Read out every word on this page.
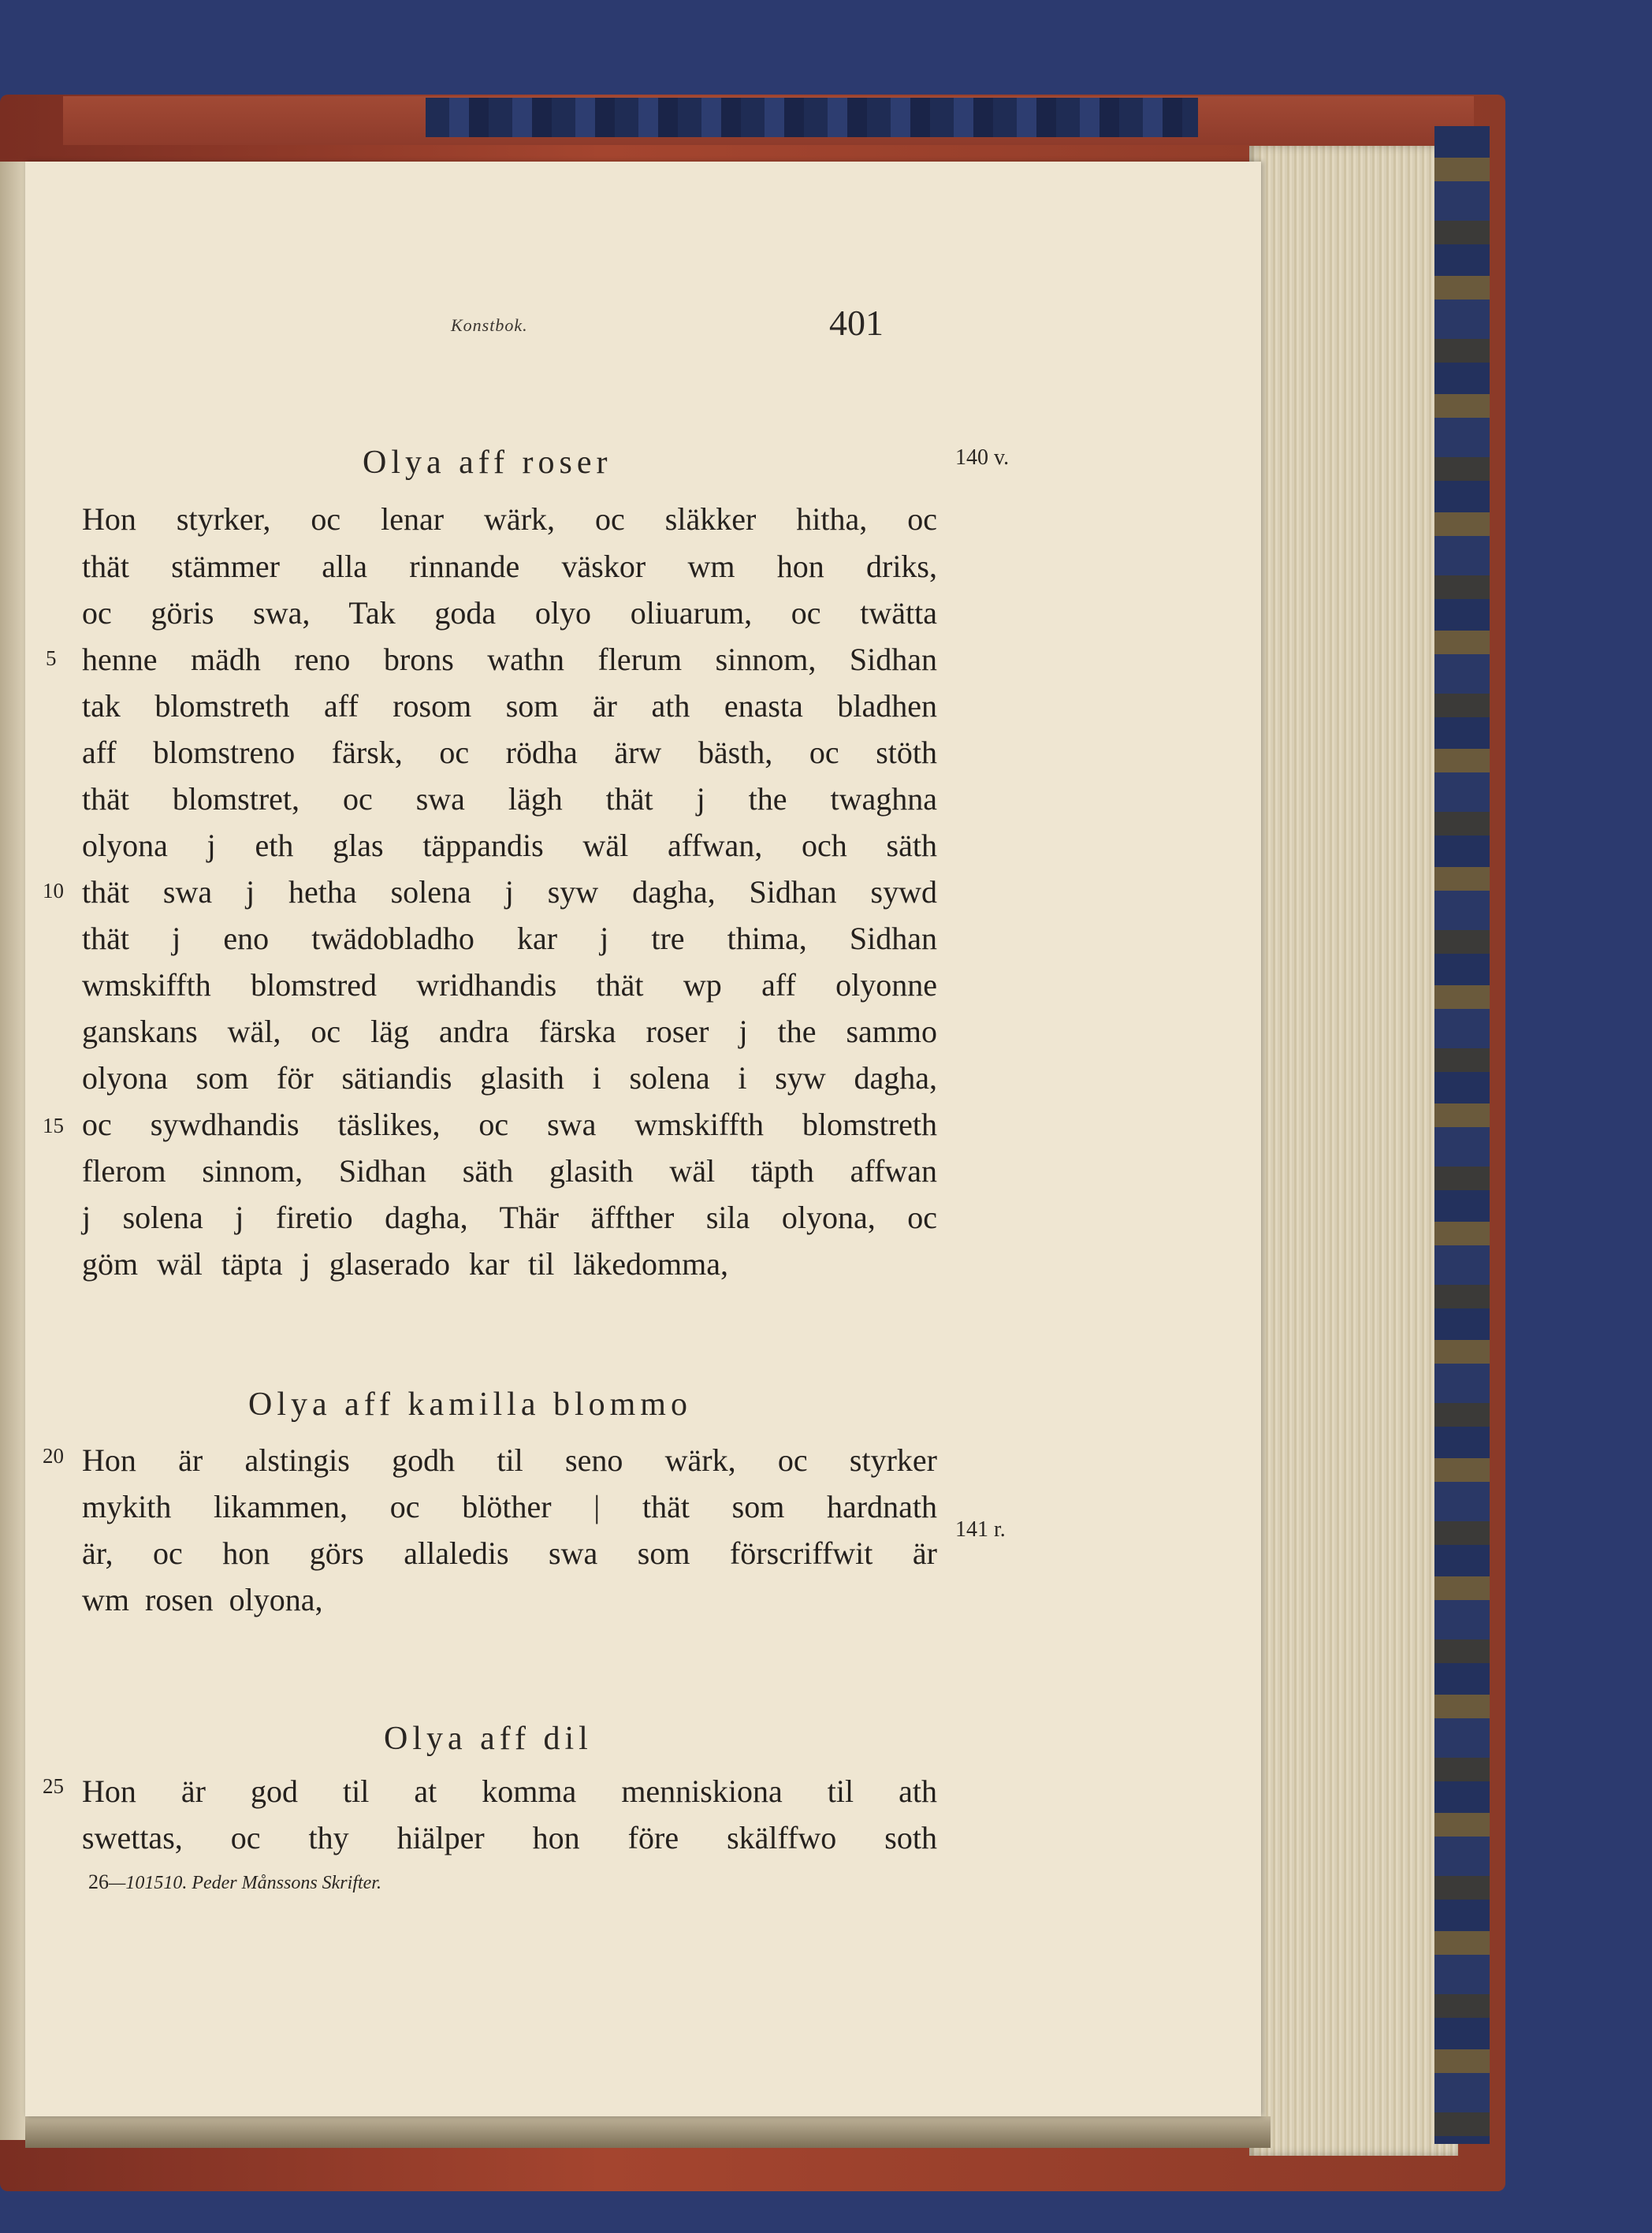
Konstbok.	401
140 v.
141 r.
5
10
15
20
25
Olya aff roser
Hon styrker, oc lenar wärk, oc släkker hitha, oc
thät stämmer alla rinnande väskor wm hon driks,
oc göris swa, Tak goda olyo oliuarum, oc twätta
henne mädh reno brons wathn flerum sinnom, Sidhan
tak blomstreth aff rosom som är ath enasta bladhen
aff blomstreno färsk, oc rödha ärw bästh, oc stöth
thät blomstret, oc swa lägh thät j the twaghna
olyona j eth glas täppandis wäl affwan, och säth
thät swa j hetha solena j syw dagha, Sidhan sywd
thät j eno twädobladho kar j tre thima, Sidhan
wmskiffth blomstred wridhandis thät wp aff olyonne
ganskans wäl, oc läg andra färska roser j the sammo
olyona som för sätiandis glasith i solena i syw dagha,
oc sywdhandis täslikes, oc swa wmskiffth blomstreth
flerom sinnom, Sidhan säth glasith wäl täpth affwan
j solena j firetio dagha, Thär äffther sila olyona, oc
göm wäl täpta j glaserado kar til läkedomma,
Olya aff kamilla blommo
Hon är alstingis godh til seno wärk, oc styrker
mykith likammen, oc blöther | thät som hardnath
är, oc hon görs allaledis swa som förscriffwit är
wm rosen olyona,
Olya aff dil
Hon är god til at komma menniskiona til ath
swettas, oc thy hiälper hon före skälffwo soth
26—101510. Peder Månssons Skrifter.
